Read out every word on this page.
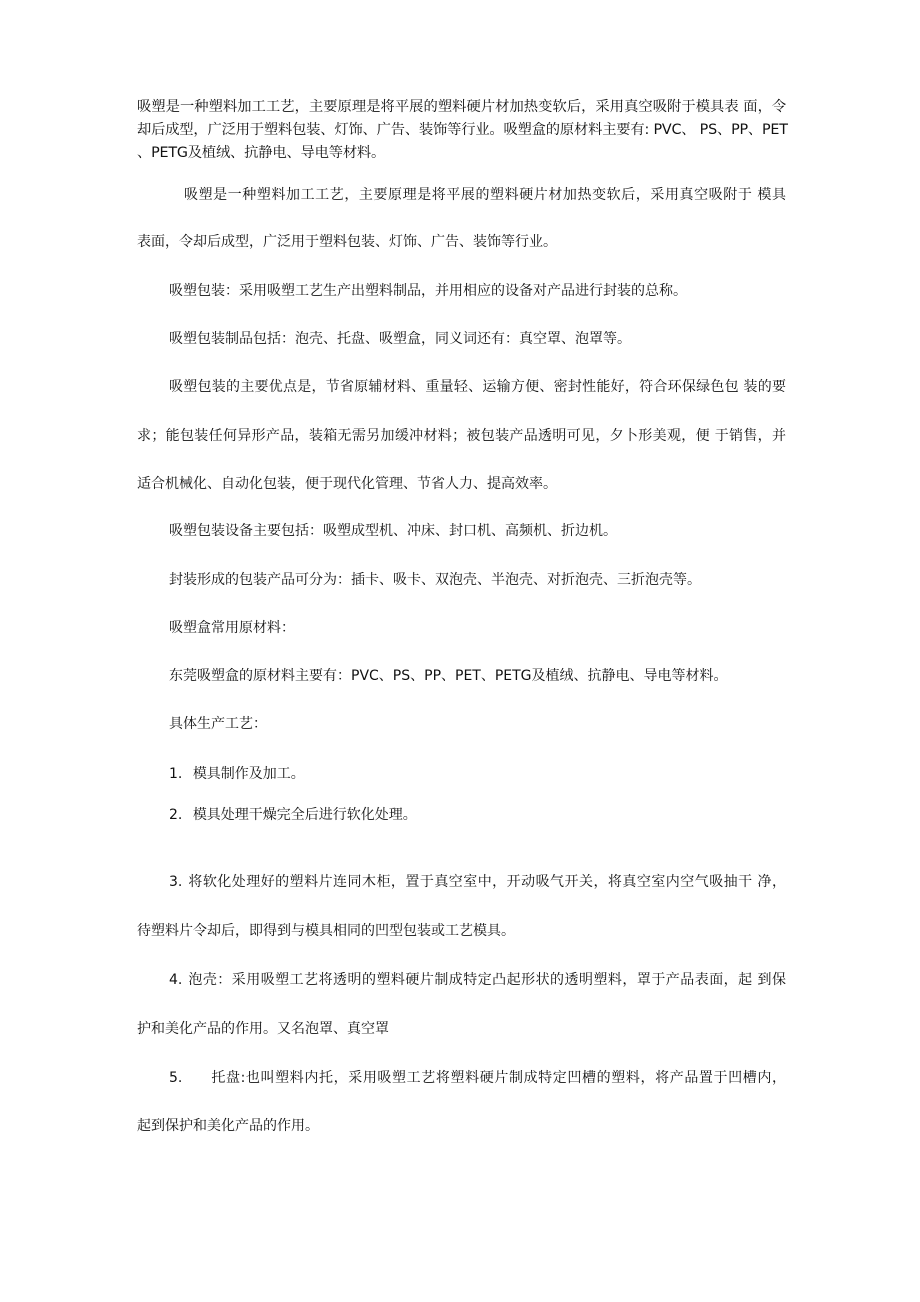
吸塑是一种塑料加工工艺，主要原理是将平展的塑料硬片材加热变软后，采用真空吸附于模具表 面，令
却后成型，广泛用于塑料包装、灯饰、广告、装饰等行业。吸塑盒的原材料主要有: PVC、 PS、PP、PET
、PETG及植绒、抗静电、导电等材料。
吸塑是一种塑料加工工艺，主要原理是将平展的塑料硬片材加热变软后，采用真空吸附于 模具
表面，令却后成型，广泛用于塑料包装、灯饰、广告、装饰等行业。
吸塑包装：采用吸塑工艺生产出塑料制品，并用相应的设备对产品进行封装的总称。
吸塑包装制品包括：泡壳、托盘、吸塑盒，同义词还有：真空罩、泡罩等。
吸塑包装的主要优点是，节省原辅材料、重量轻、运输方便、密封性能好，符合环保绿色包 装的要
求；能包装任何异形产品，装箱无需另加缓冲材料；被包装产品透明可见，夕卜形美观，便 于销售，并
适合机械化、自动化包装，便于现代化管理、节省人力、提高效率。
吸塑包装设备主要包括：吸塑成型机、冲床、封口机、高频机、折边机。
封装形成的包装产品可分为：插卡、吸卡、双泡壳、半泡壳、对折泡壳、三折泡壳等。
吸塑盒常用原材料：
东莞吸塑盒的原材料主要有：PVC、PS、PP、PET、PETG及植绒、抗静电、导电等材料。
具体生产工艺：
1. 模具制作及加工。
2. 模具处理干燥完全后进行软化处理。
3. 将软化处理好的塑料片连同木柜，置于真空室中，开动吸气开关，将真空室内空气吸抽干 净，
待塑料片令却后，即得到与模具相同的凹型包装或工艺模具。
4. 泡壳：采用吸塑工艺将透明的塑料硬片制成特定凸起形状的透明塑料，罩于产品表面，起 到保
护和美化产品的作用。又名泡罩、真空罩
5. 托盘:也叫塑料内托，采用吸塑工艺将塑料硬片制成特定凹槽的塑料，将产品置于凹槽内，
起到保护和美化产品的作用。
